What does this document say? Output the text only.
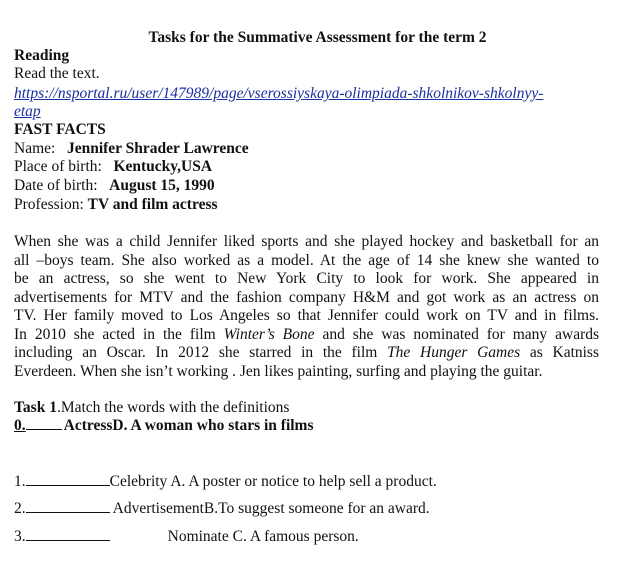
Tasks for the Summative Assessment for the term 2
Reading
Read the text.
https://nsportal.ru/user/147989/page/vserossiyskaya-olimpiada-shkolnikov-shkolnyy-
etap
FAST FACTS
Name: Jennifer Shrader Lawrence
Place of birth: Kentucky,USA
Date of birth: August 15, 1990
Profession: TV and film actress
When she was a child Jennifer liked sports and she played hockey and basketball for an
all –boys team. She also worked as a model. At the age of 14 she knew she wanted to
be an actress, so she went to New York City to look for work. She appeared in
advertisements for MTV and the fashion company H&M and got work as an actress on
TV. Her family moved to Los Angeles so that Jennifer could work on TV and in films.
In 2010 she acted in the film Winter’s Bone and she was nominated for many awards
including an Oscar. In 2012 she starred in the film The Hunger Games as Katniss
Everdeen. When she isn’t working . Jen likes painting, surfing and playing the guitar.
Task 1.Match the words with the definitions
0. ActressD. A woman who stars in films
1.	Celebrity A. A poster or notice to help sell a product.
2.	AdvertisementB.To suggest someone for an award.
3.	Nominate C. A famous person.
